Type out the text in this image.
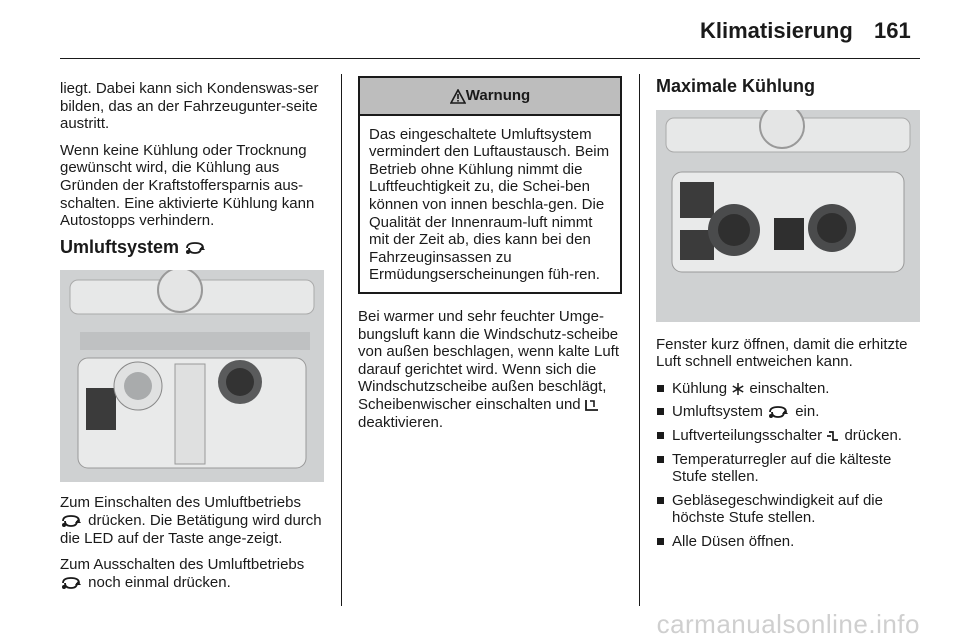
Klimatisierung 161

liegt. Dabei kann sich Kondenswas-ser bilden, das an der Fahrzeugunter-seite austritt.

Wenn keine Kühlung oder Trocknung gewünscht wird, die Kühlung aus Gründen der Kraftstoffersparnis aus-schalten. Eine aktivierte Kühlung kann Autostopps verhindern.

Umluftsystem

Zum Einschalten des Umluftbetriebs
drücken. Die Betätigung wird durch die LED auf der Taste ange-zeigt.

Zum Ausschalten des Umluftbetriebs
noch einmal drücken.

Warnung
Das eingeschaltete Umluftsystem vermindert den Luftaustausch. Beim Betrieb ohne Kühlung nimmt die Luftfeuchtigkeit zu, die Schei-ben können von innen beschla-gen. Die Qualität der Innenraum-luft nimmt mit der Zeit ab, dies kann bei den Fahrzeuginsassen zu Ermüdungserscheinungen füh-ren.

Bei warmer und sehr feuchter Umge-bungsluft kann die Windschutz-scheibe von außen beschlagen, wenn kalte Luft darauf gerichtet wird. Wenn sich die Windschutzscheibe außen beschlägt, Scheibenwischer einschalten und  deaktivieren.

Maximale Kühlung

Fenster kurz öffnen, damit die erhitzte Luft schnell entweichen kann.

Kühlung einschalten.
Umluftsystem ein.
Luftverteilungsschalter drücken.
Temperaturregler auf die kälteste Stufe stellen.
Gebläsegeschwindigkeit auf die höchste Stufe stellen.
Alle Düsen öffnen.
carmanualsonline.info
